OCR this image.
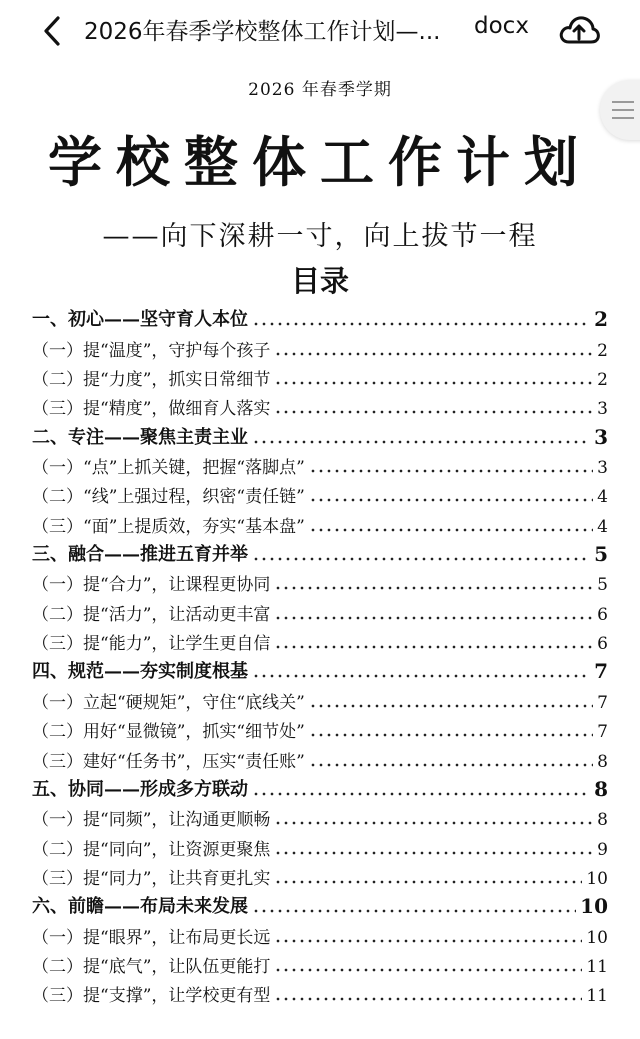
2026年春季学校整体工作计划—...	docx
2026 年春季学期
学校整体工作计划
——向下深耕一寸，向上拔节一程
目录
一、初心——坚守育人本位	2
（一）提“温度”，守护每个孩子	2
（二）提“力度”，抓实日常细节	2
（三）提“精度”，做细育人落实	3
二、专注——聚焦主责主业	3
（一）“点”上抓关键，把握“落脚点”	3
（二）“线”上强过程，织密“责任链”	4
（三）“面”上提质效，夯实“基本盘”	4
三、融合——推进五育并举	5
（一）提“合力”，让课程更协同	5
（二）提“活力”，让活动更丰富	6
（三）提“能力”，让学生更自信	6
四、规范——夯实制度根基	7
（一）立起“硬规矩”，守住“底线关”	7
（二）用好“显微镜”，抓实“细节处”	7
（三）建好“任务书”，压实“责任账”	8
五、协同——形成多方联动	8
（一）提“同频”，让沟通更顺畅	8
（二）提“同向”，让资源更聚焦	9
（三）提“同力”，让共育更扎实	10
六、前瞻——布局未来发展	10
（一）提“眼界”，让布局更长远	10
（二）提“底气”，让队伍更能打	11
（三）提“支撑”，让学校更有型	11
